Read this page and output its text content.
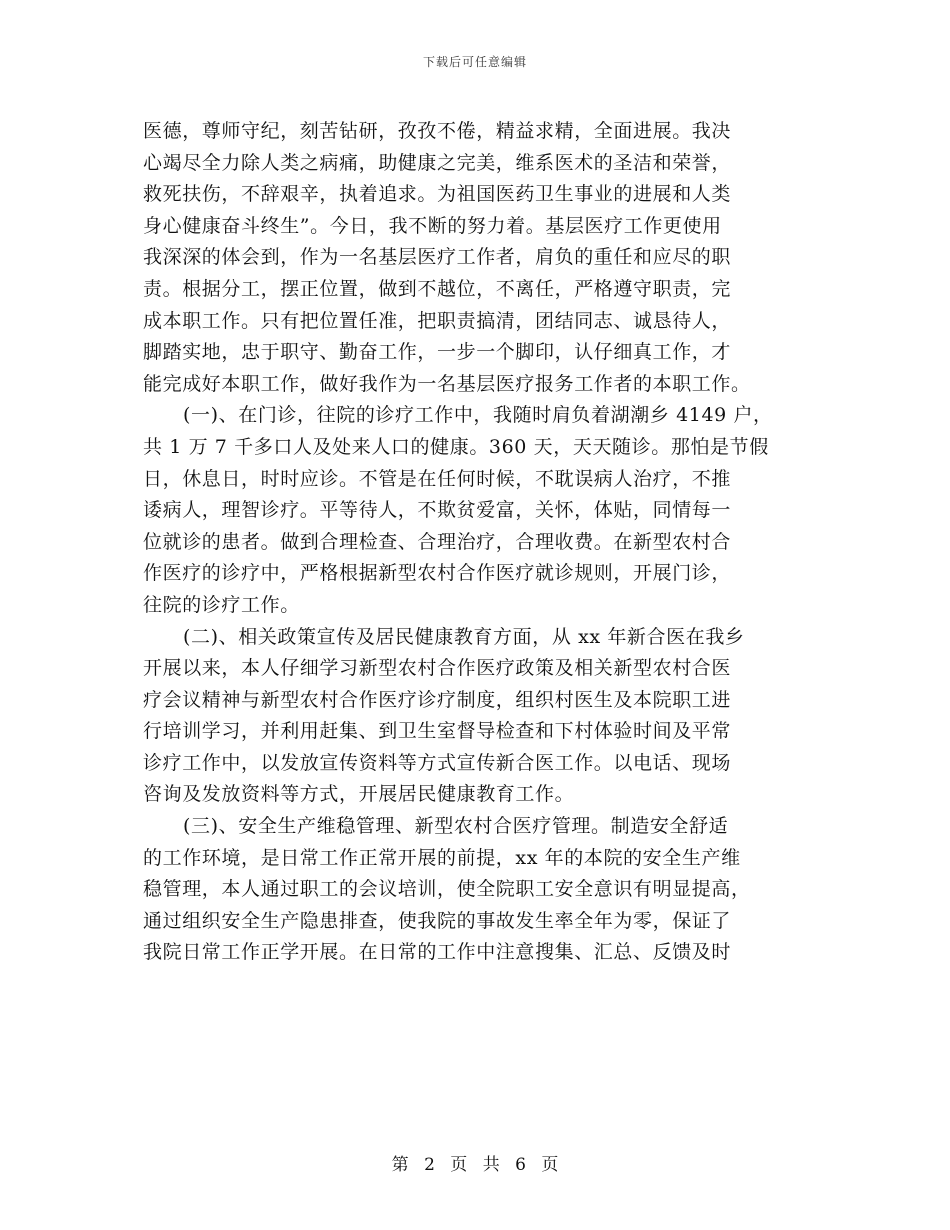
下载后可任意编辑
医德，尊师守纪，刻苦钻研，孜孜不倦，精益求精，全面进展。我决
心竭尽全力除人类之病痛，助健康之完美，维系医术的圣洁和荣誉，
救死扶伤，不辞艰辛，执着追求。为祖国医药卫生事业的进展和人类
身心健康奋斗终生”。今日，我不断的努力着。基层医疗工作更使用
我深深的体会到，作为一名基层医疗工作者，肩负的重任和应尽的职
责。根据分工，摆正位置，做到不越位，不离任，严格遵守职责，完
成本职工作。只有把位置任准，把职责搞清，团结同志、诚恳待人，
脚踏实地，忠于职守、勤奋工作，一步一个脚印，认仔细真工作，才
能完成好本职工作，做好我作为一名基层医疗报务工作者的本职工作。
(一)、在门诊，往院的诊疗工作中，我随时肩负着湖潮乡 4149 户，
共 1 万 7 千多口人及处来人口的健康。360 天，天天随诊。那怕是节假
日，休息日，时时应诊。不管是在任何时候，不耽误病人治疗，不推
诿病人，理智诊疗。平等待人，不欺贫爱富，关怀，体贴，同情每一
位就诊的患者。做到合理检查、合理治疗，合理收费。在新型农村合
作医疗的诊疗中，严格根据新型农村合作医疗就诊规则，开展门诊，
往院的诊疗工作。
(二)、相关政策宣传及居民健康教育方面，从 xx 年新合医在我乡
开展以来，本人仔细学习新型农村合作医疗政策及相关新型农村合医
疗会议精神与新型农村合作医疗诊疗制度，组织村医生及本院职工进
行培训学习，并利用赶集、到卫生室督导检查和下村体验时间及平常
诊疗工作中，以发放宣传资料等方式宣传新合医工作。以电话、现场
咨询及发放资料等方式，开展居民健康教育工作。
(三)、安全生产维稳管理、新型农村合医疗管理。制造安全舒适
的工作环境，是日常工作正常开展的前提，xx 年的本院的安全生产维
稳管理，本人通过职工的会议培训，使全院职工安全意识有明显提高，
通过组织安全生产隐患排查，使我院的事故发生率全年为零，保证了
我院日常工作正学开展。在日常的工作中注意搜集、汇总、反馈及时
第 2 页 共 6 页
